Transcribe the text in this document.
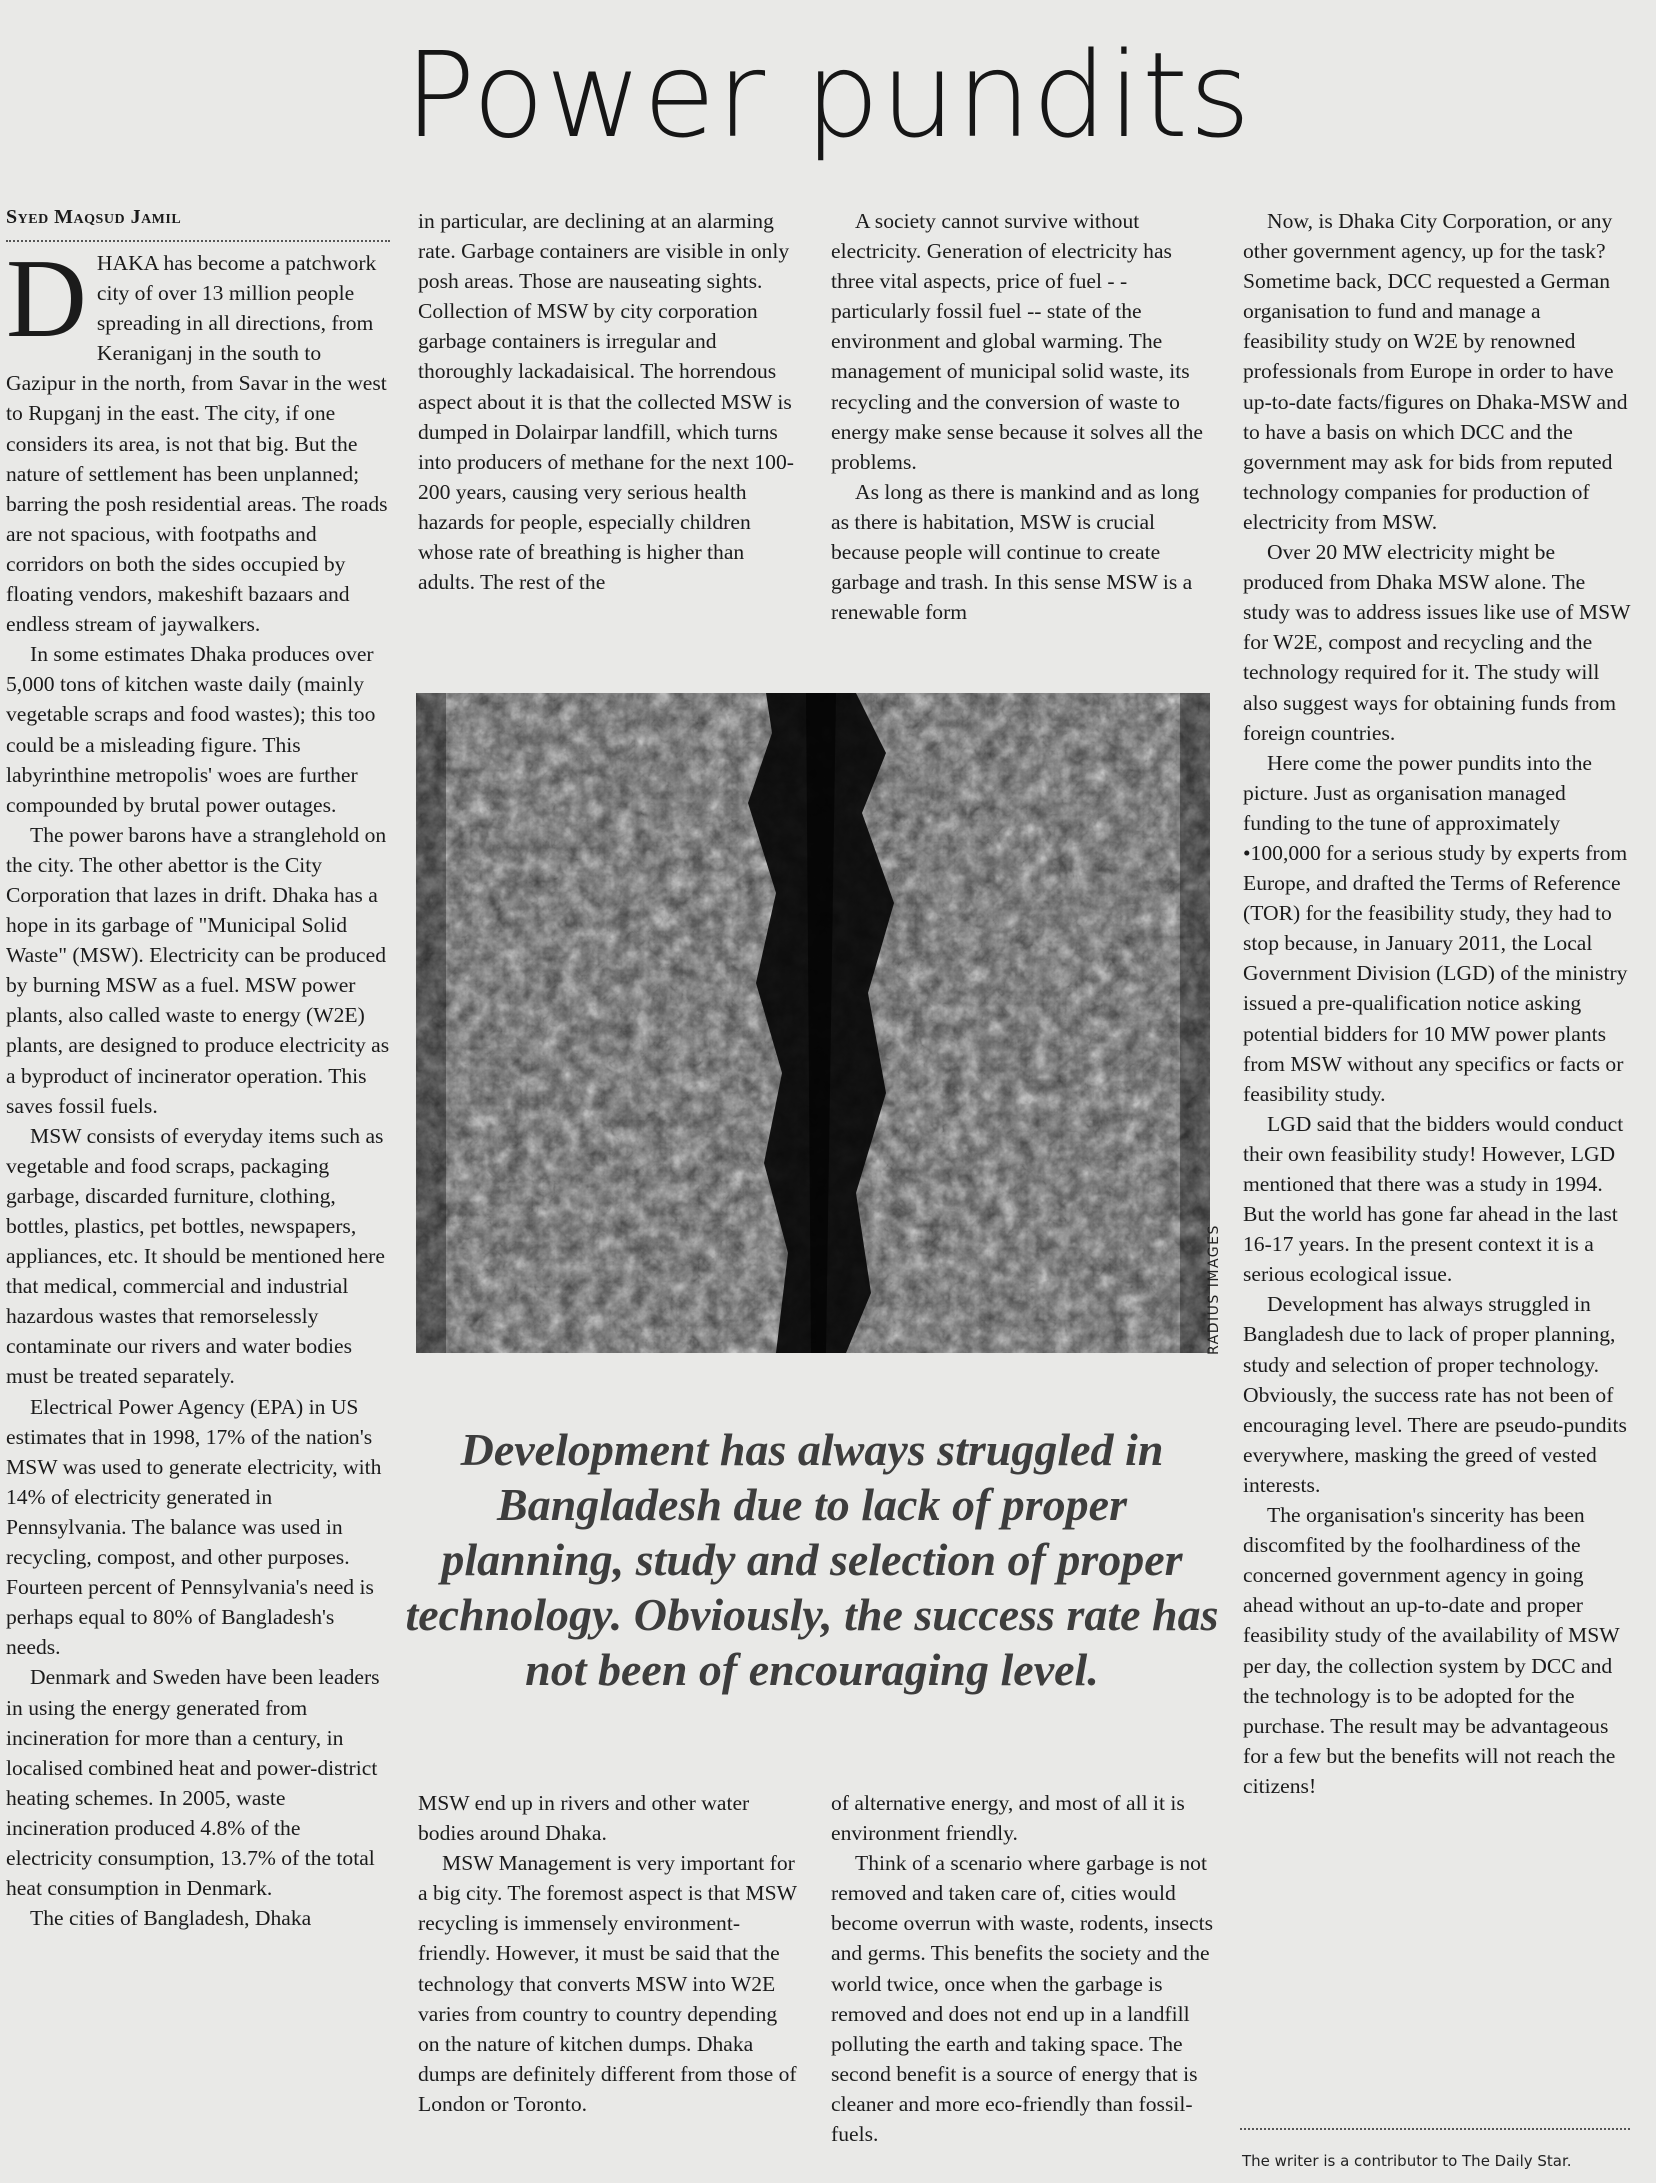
Power pundits
Syed Maqsud Jamil

DHAKA has become a patchwork city of over 13 million people spreading in all directions, from Keraniganj in the south to Gazipur in the north, from Savar in the west to Rupganj in the east. The city, if one considers its area, is not that big. But the nature of settlement has been unplanned; barring the posh residential areas. The roads are not spacious, with footpaths and corridors on both the sides occupied by floating vendors, makeshift bazaars and endless stream of jaywalkers.

In some estimates Dhaka produces over 5,000 tons of kitchen waste daily (mainly vegetable scraps and food wastes); this too could be a misleading figure. This labyrinthine metropolis' woes are further compounded by brutal power outages.

The power barons have a stranglehold on the city. The other abettor is the City Corporation that lazes in drift. Dhaka has a hope in its garbage of "Municipal Solid Waste" (MSW). Electricity can be produced by burning MSW as a fuel. MSW power plants, also called waste to energy (W2E) plants, are designed to produce electricity as a byproduct of incinerator operation. This saves fossil fuels.

MSW consists of everyday items such as vegetable and food scraps, packaging garbage, discarded furniture, clothing, bottles, plastics, pet bottles, newspapers, appliances, etc. It should be mentioned here that medical, commercial and industrial hazardous wastes that remorselessly contaminate our rivers and water bodies must be treated separately.

Electrical Power Agency (EPA) in US estimates that in 1998, 17% of the nation's MSW was used to generate electricity, with 14% of electricity generated in Pennsylvania. The balance was used in recycling, compost, and other purposes. Fourteen percent of Pennsylvania's need is perhaps equal to 80% of Bangladesh's needs.

Denmark and Sweden have been leaders in using the energy generated from incineration for more than a century, in localised combined heat and power-district heating schemes. In 2005, waste incineration produced 4.8% of the electricity consumption, 13.7% of the total heat consumption in Denmark.

The cities of Bangladesh, Dhaka

in particular, are declining at an alarming rate. Garbage containers are visible in only posh areas. Those are nauseating sights. Collection of MSW by city corporation garbage containers is irregular and thoroughly lackadaisical. The horrendous aspect about it is that the collected MSW is dumped in Dolairpar landfill, which turns into producers of methane for the next 100-200 years, causing very serious health hazards for people, especially children whose rate of breathing is higher than adults. The rest of the

A society cannot survive without electricity. Generation of electricity has three vital aspects, price of fuel - - particularly fossil fuel -- state of the environment and global warming. The management of municipal solid waste, its recycling and the conversion of waste to energy make sense because it solves all the problems.

As long as there is mankind and as long as there is habitation, MSW is crucial because people will continue to create garbage and trash. In this sense MSW is a renewable form

RADIUS IMAGES
Development has always struggled in Bangladesh due to lack of proper planning, study and selection of proper technology. Obviously, the success rate has not been of encouraging level.

MSW end up in rivers and other water bodies around Dhaka.

MSW Management is very important for a big city. The foremost aspect is that MSW recycling is immensely environment-friendly. However, it must be said that the technology that converts MSW into W2E varies from country to country depending on the nature of kitchen dumps. Dhaka dumps are definitely different from those of London or Toronto.

of alternative energy, and most of all it is environment friendly.

Think of a scenario where garbage is not removed and taken care of, cities would become overrun with waste, rodents, insects and germs. This benefits the society and the world twice, once when the garbage is removed and does not end up in a landfill polluting the earth and taking space. The second benefit is a source of energy that is cleaner and more eco-friendly than fossil-fuels.

Now, is Dhaka City Corporation, or any other government agency, up for the task? Sometime back, DCC requested a German organisation to fund and manage a feasibility study on W2E by renowned professionals from Europe in order to have up-to-date facts/figures on Dhaka-MSW and to have a basis on which DCC and the government may ask for bids from reputed technology companies for production of electricity from MSW.

Over 20 MW electricity might be produced from Dhaka MSW alone. The study was to address issues like use of MSW for W2E, compost and recycling and the technology required for it. The study will also suggest ways for obtaining funds from foreign countries.

Here come the power pundits into the picture. Just as organisation managed funding to the tune of approximately •100,000 for a serious study by experts from Europe, and drafted the Terms of Reference (TOR) for the feasibility study, they had to stop because, in January 2011, the Local Government Division (LGD) of the ministry issued a pre-qualification notice asking potential bidders for 10 MW power plants from MSW without any specifics or facts or feasibility study.

LGD said that the bidders would conduct their own feasibility study! However, LGD mentioned that there was a study in 1994. But the world has gone far ahead in the last 16-17 years. In the present context it is a serious ecological issue.

Development has always struggled in Bangladesh due to lack of proper planning, study and selection of proper technology. Obviously, the success rate has not been of encouraging level. There are pseudo-pundits everywhere, masking the greed of vested interests.

The organisation's sincerity has been discomfited by the foolhardiness of the concerned government agency in going ahead without an up-to-date and proper feasibility study of the availability of MSW per day, the collection system by DCC and the technology is to be adopted for the purchase. The result may be advantageous for a few but the benefits will not reach the citizens!

The writer is a contributor to The Daily Star.
